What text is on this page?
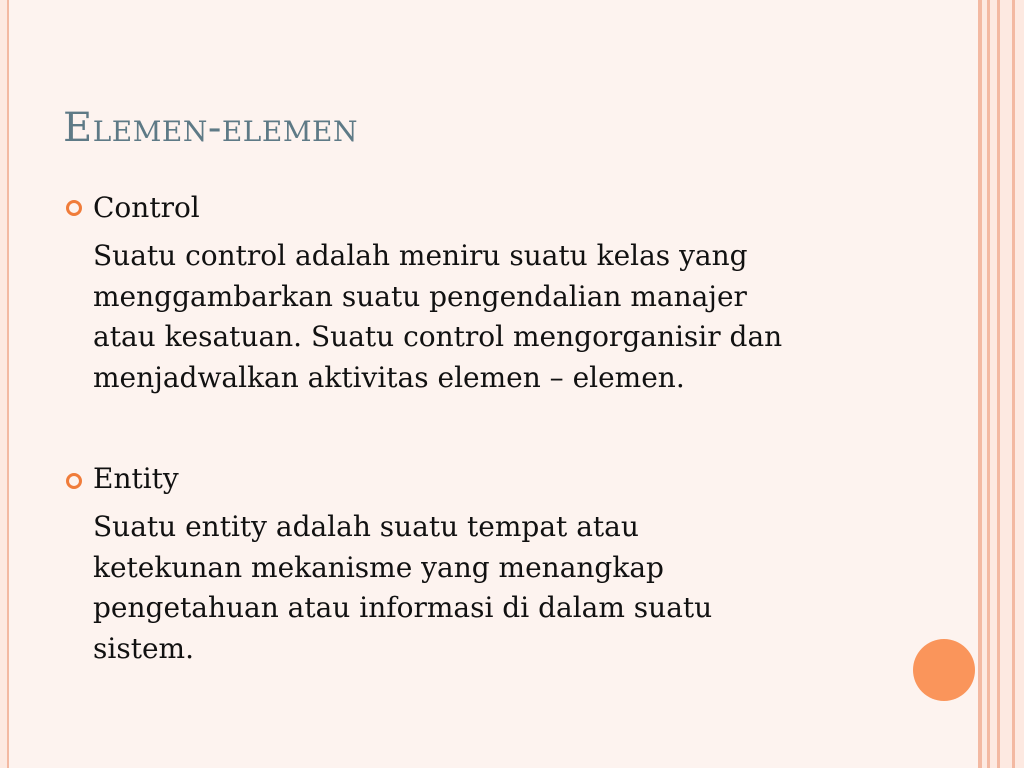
Elemen-elemen
Control
Suatu control adalah meniru suatu kelas yang
menggambarkan suatu pengendalian manajer
atau kesatuan. Suatu control mengorganisir dan
menjadwalkan aktivitas elemen – elemen.
Entity
Suatu entity adalah suatu tempat atau
ketekunan mekanisme yang menangkap
pengetahuan atau informasi di dalam suatu
sistem.
